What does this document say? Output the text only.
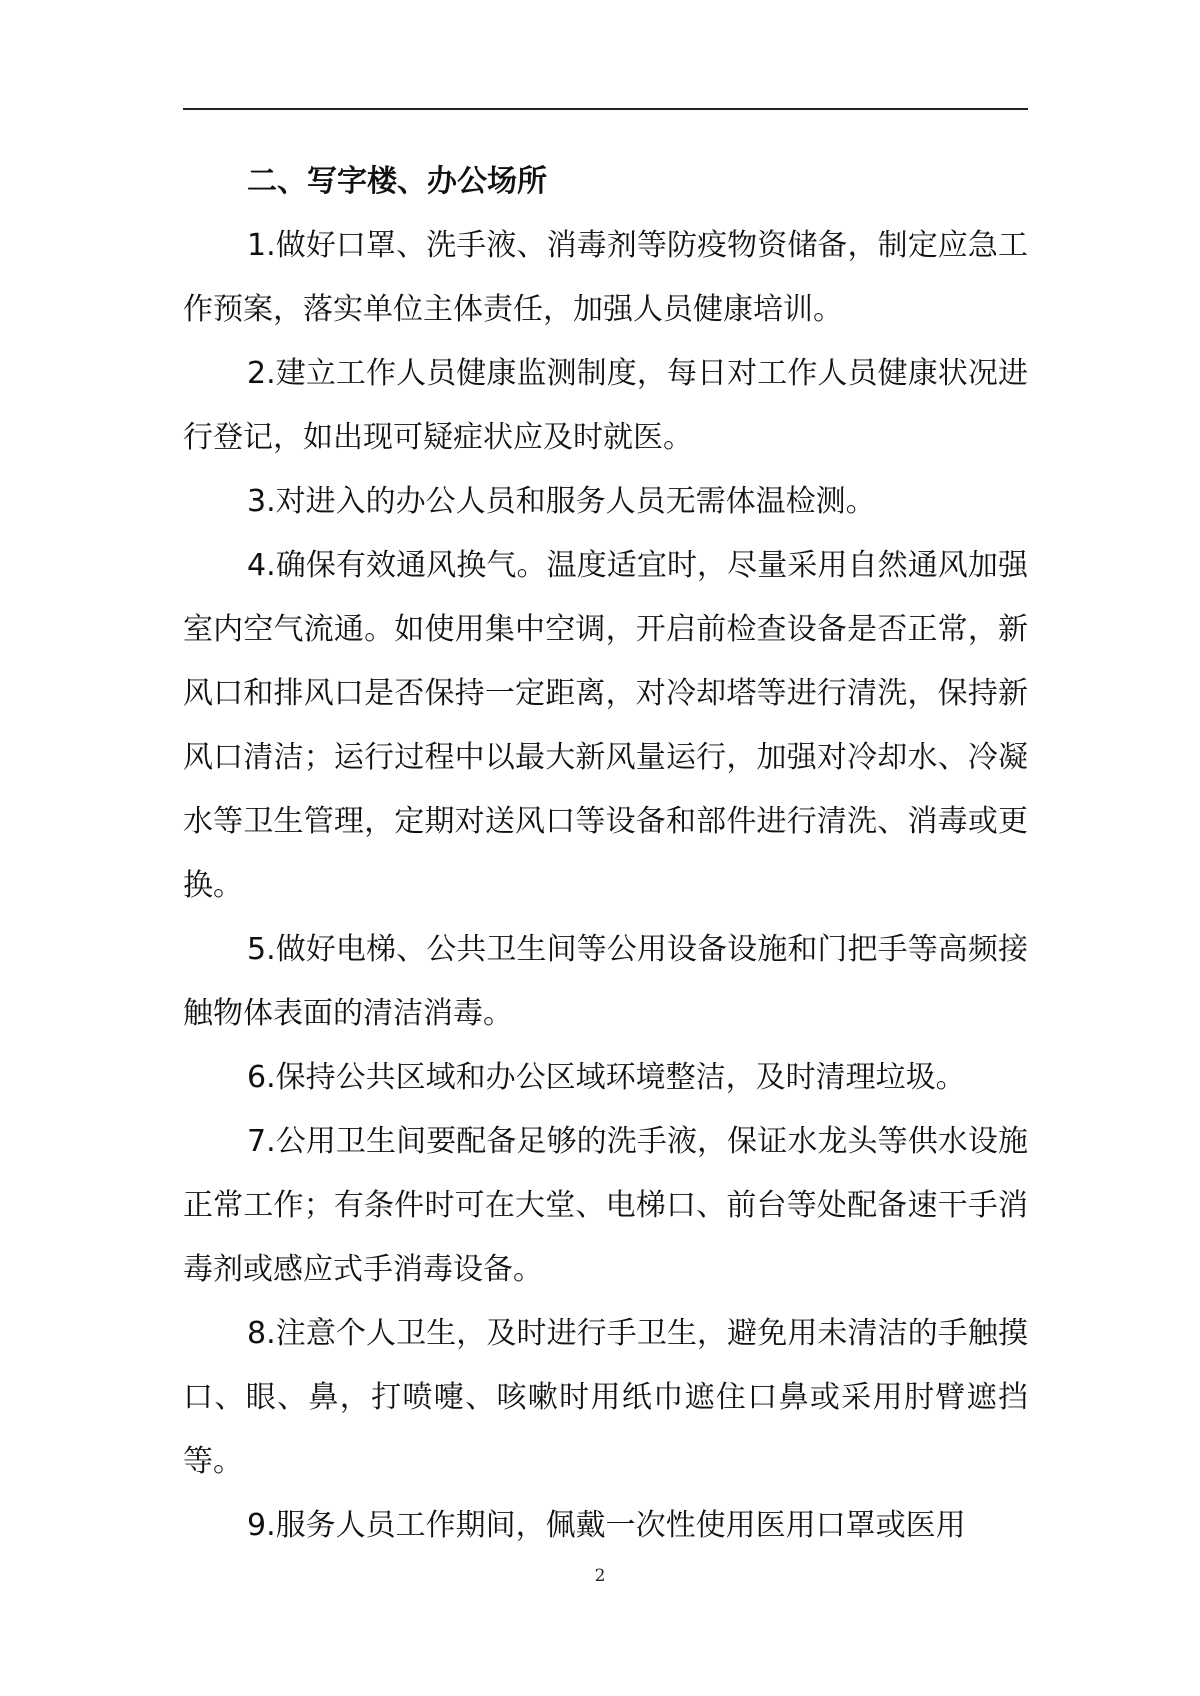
二、写字楼、办公场所

1.做好口罩、洗手液、消毒剂等防疫物资储备，制定应急工作预案，落实单位主体责任，加强人员健康培训。

2.建立工作人员健康监测制度，每日对工作人员健康状况进行登记，如出现可疑症状应及时就医。

3.对进入的办公人员和服务人员无需体温检测。

4.确保有效通风换气。温度适宜时，尽量采用自然通风加强室内空气流通。如使用集中空调，开启前检查设备是否正常，新风口和排风口是否保持一定距离，对冷却塔等进行清洗，保持新风口清洁；运行过程中以最大新风量运行，加强对冷却水、冷凝水等卫生管理，定期对送风口等设备和部件进行清洗、消毒或更换。

5.做好电梯、公共卫生间等公用设备设施和门把手等高频接触物体表面的清洁消毒。

6.保持公共区域和办公区域环境整洁，及时清理垃圾。

7.公用卫生间要配备足够的洗手液，保证水龙头等供水设施正常工作；有条件时可在大堂、电梯口、前台等处配备速干手消毒剂或感应式手消毒设备。

8.注意个人卫生，及时进行手卫生，避免用未清洁的手触摸口、眼、鼻，打喷嚏、咳嗽时用纸巾遮住口鼻或采用肘臂遮挡等。

9.服务人员工作期间，佩戴一次性使用医用口罩或医用

2
